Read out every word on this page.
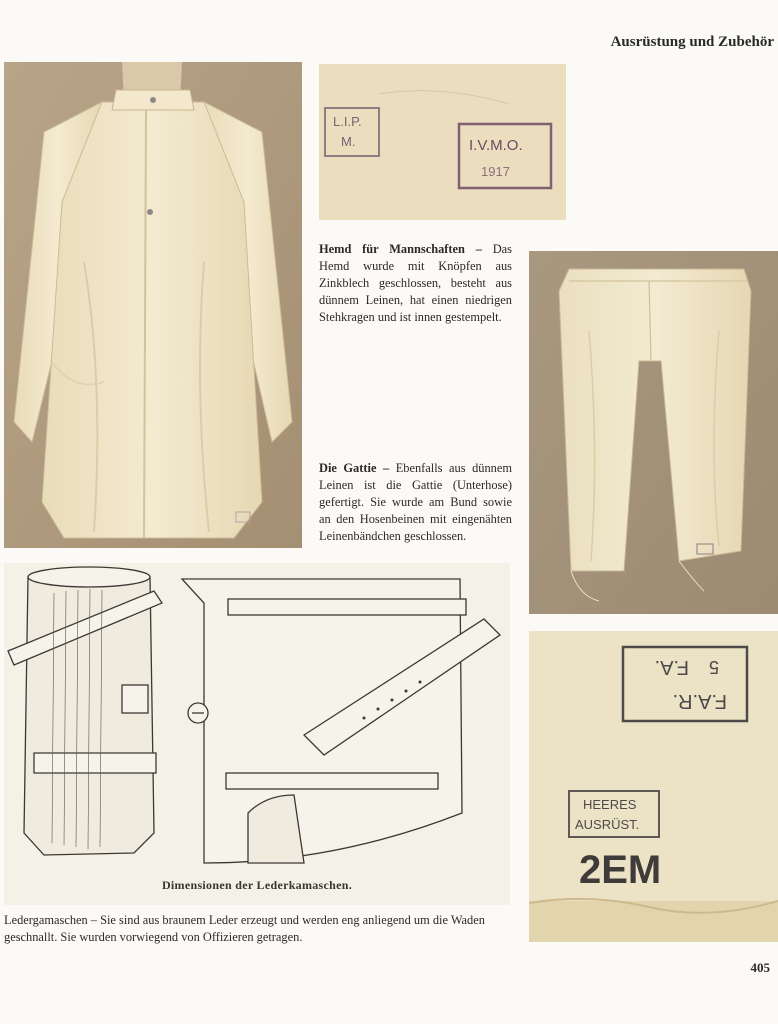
Ausrüstung und Zubehör
L.I.P.
M.	I.V.M.O.
1917
Hemd für Mannschaften – Das Hemd wurde mit Knöpfen aus Zinkblech geschlossen, besteht aus dünnem Leinen, hat einen niedrigen Stehkragen und ist innen gestempelt.
Die Gattie – Ebenfalls aus dünnem Leinen ist die Gattie (Unterhose) gefertigt. Sie wurde am Bund sowie an den Hosenbeinen mit eingenähten Leinenbändchen geschlossen.
Dimensionen der Lederkamaschen.
F.A.R.
5
F.A.
HEERES
AUSRÜST.
2EM
Ledergamaschen – Sie sind aus braunem Leder erzeugt und werden eng anliegend um die Waden geschnallt. Sie wurden vorwiegend von Offizieren getragen.
405
